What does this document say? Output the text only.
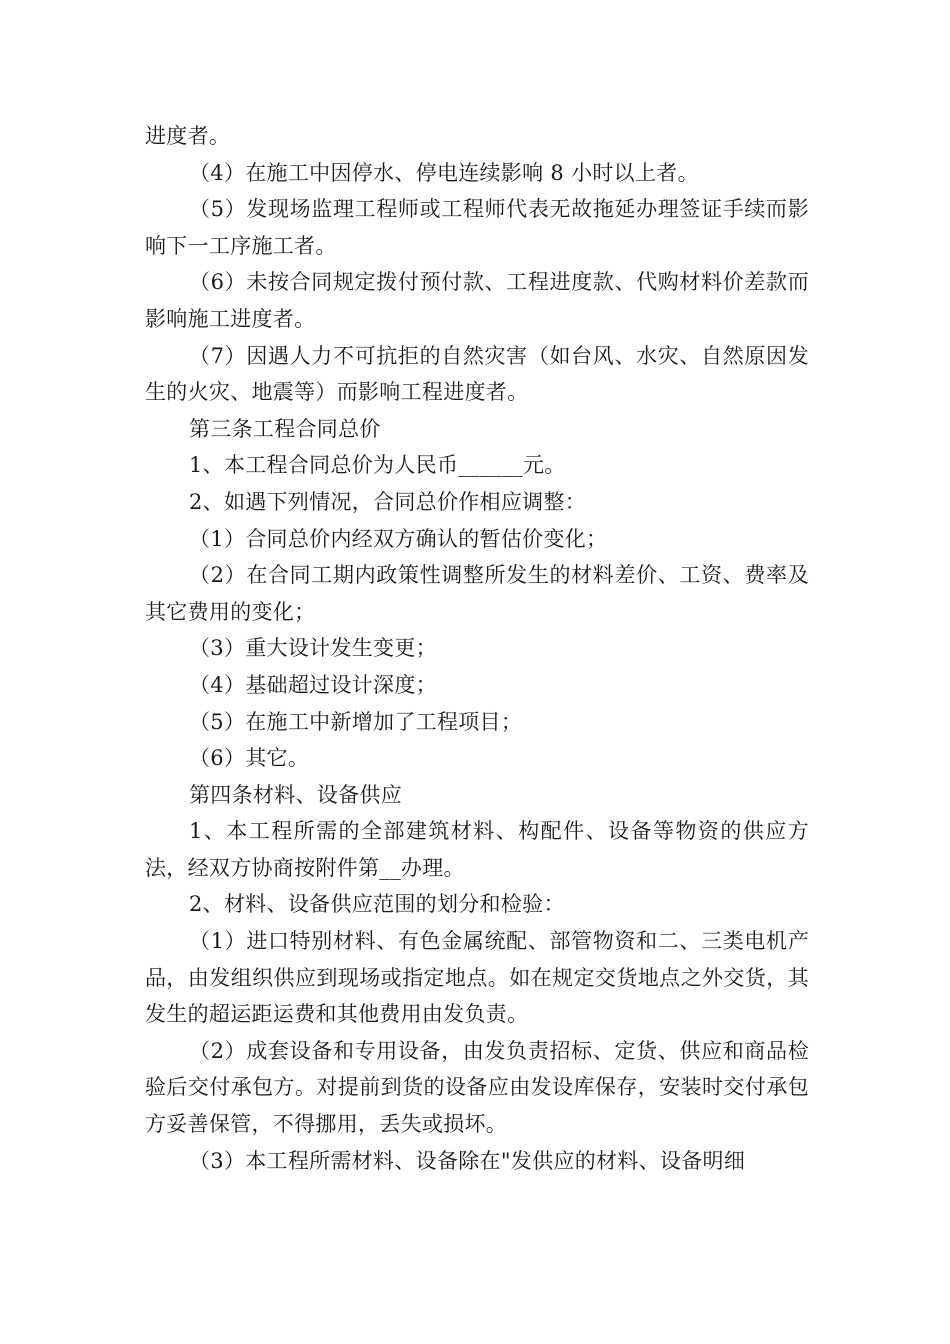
进度者。

（4）在施工中因停水、停电连续影响 8 小时以上者。

（5）发现场监理工程师或工程师代表无故拖延办理签证手续而影响下一工序施工者。

（6）未按合同规定拨付预付款、工程进度款、代购材料价差款而影响施工进度者。

（7）因遇人力不可抗拒的自然灾害（如台风、水灾、自然原因发生的火灾、地震等）而影响工程进度者。

第三条工程合同总价

1、本工程合同总价为人民币______元。

2、如遇下列情况，合同总价作相应调整：

（1）合同总价内经双方确认的暂估价变化；

（2）在合同工期内政策性调整所发生的材料差价、工资、费率及其它费用的变化；

（3）重大设计发生变更；

（4）基础超过设计深度；

（5）在施工中新增加了工程项目；

（6）其它。

第四条材料、设备供应

1、本工程所需的全部建筑材料、构配件、设备等物资的供应方法，经双方协商按附件第__办理。

2、材料、设备供应范围的划分和检验：

（1）进口特别材料、有色金属统配、部管物资和二、三类电机产品，由发组织供应到现场或指定地点。如在规定交货地点之外交货，其发生的超运距运费和其他费用由发负责。

（2）成套设备和专用设备，由发负责招标、定货、供应和商品检验后交付承包方。对提前到货的设备应由发设库保存，安装时交付承包方妥善保管，不得挪用，丢失或损坏。

（3）本工程所需材料、设备除在"发供应的材料、设备明细
